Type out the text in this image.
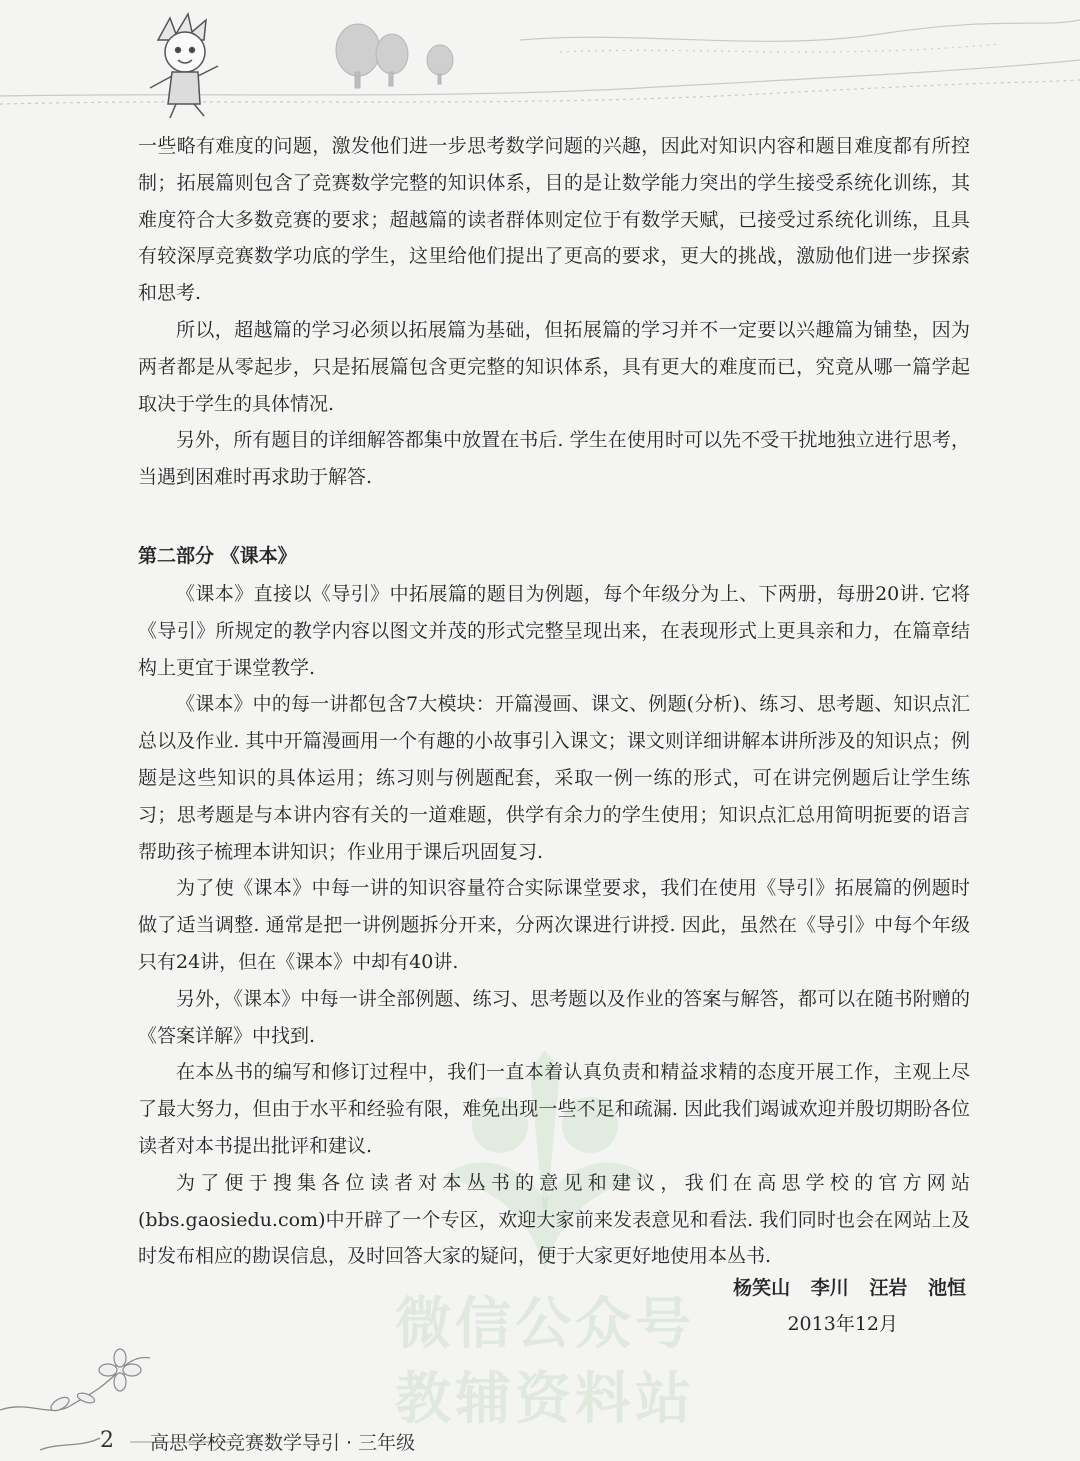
微信公众号
教辅资料站

一些略有难度的问题，激发他们进一步思考数学问题的兴趣，因此对知识内容和题目难度都有所控制；拓展篇则包含了竞赛数学完整的知识体系，目的是让数学能力突出的学生接受系统化训练，其难度符合大多数竞赛的要求；超越篇的读者群体则定位于有数学天赋，已接受过系统化训练，且具有较深厚竞赛数学功底的学生，这里给他们提出了更高的要求，更大的挑战，激励他们进一步探索和思考.

所以，超越篇的学习必须以拓展篇为基础，但拓展篇的学习并不一定要以兴趣篇为铺垫，因为两者都是从零起步，只是拓展篇包含更完整的知识体系，具有更大的难度而已，究竟从哪一篇学起取决于学生的具体情况.

另外，所有题目的详细解答都集中放置在书后. 学生在使用时可以先不受干扰地独立进行思考，当遇到困难时再求助于解答.

第二部分 《课本》

《课本》直接以《导引》中拓展篇的题目为例题，每个年级分为上、下两册，每册20讲. 它将《导引》所规定的教学内容以图文并茂的形式完整呈现出来，在表现形式上更具亲和力，在篇章结构上更宜于课堂教学.

《课本》中的每一讲都包含7大模块：开篇漫画、课文、例题(分析)、练习、思考题、知识点汇总以及作业. 其中开篇漫画用一个有趣的小故事引入课文；课文则详细讲解本讲所涉及的知识点；例题是这些知识的具体运用；练习则与例题配套，采取一例一练的形式，可在讲完例题后让学生练习；思考题是与本讲内容有关的一道难题，供学有余力的学生使用；知识点汇总用简明扼要的语言帮助孩子梳理本讲知识；作业用于课后巩固复习.

为了使《课本》中每一讲的知识容量符合实际课堂要求，我们在使用《导引》拓展篇的例题时做了适当调整. 通常是把一讲例题拆分开来，分两次课进行讲授. 因此，虽然在《导引》中每个年级只有24讲，但在《课本》中却有40讲.

另外，《课本》中每一讲全部例题、练习、思考题以及作业的答案与解答，都可以在随书附赠的《答案详解》中找到.

在本丛书的编写和修订过程中，我们一直本着认真负责和精益求精的态度开展工作，主观上尽了最大努力，但由于水平和经验有限，难免出现一些不足和疏漏. 因此我们竭诚欢迎并殷切期盼各位读者对本书提出批评和建议.

为了便于搜集各位读者对本丛书的意见和建议，我们在高思学校的官方网站(bbs.gaosiedu.com)中开辟了一个专区，欢迎大家前来发表意见和看法. 我们同时也会在网站上及时发布相应的勘误信息，及时回答大家的疑问，便于大家更好地使用本丛书.

杨笑山 李川 汪岩 池恒
2013年12月
2 高思学校竞赛数学导引 · 三年级
